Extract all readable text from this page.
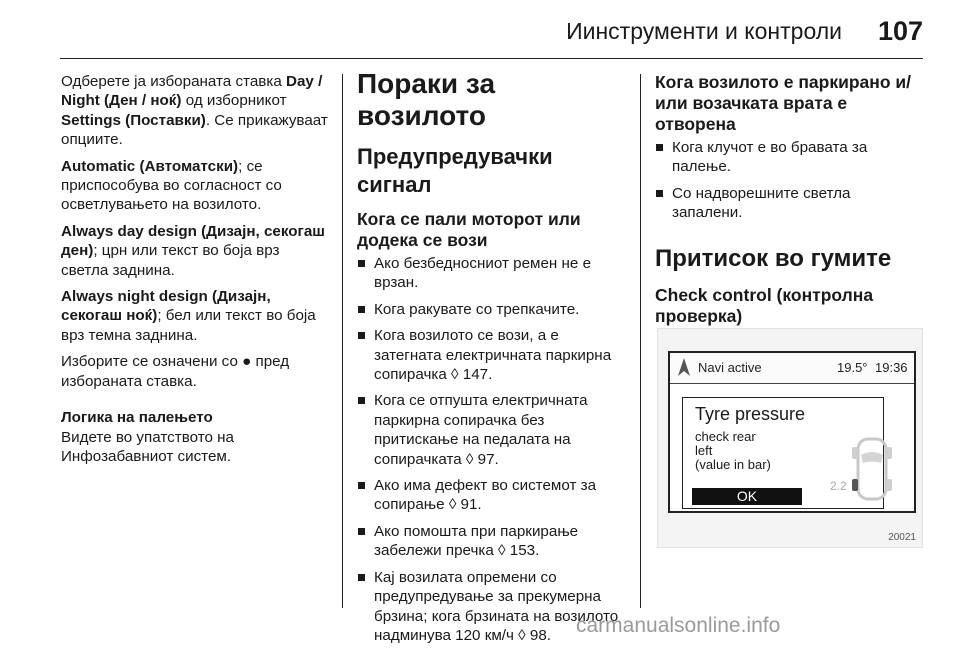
Иинструменти и контроли 107

Одберете ја избораната ставка Day / Night (Ден / ноќ) од изборникот Settings (Поставки). Се прикажуваат опциите.

Automatic (Автоматски); се приспособува во согласност со осветлувањето на возилото.

Always day design (Дизајн, секогаш ден); црн или текст во боја врз светла заднина.

Always night design (Дизајн, секогаш ноќ); бел или текст во боја врз темна заднина.

Изборите се означени со ● пред избораната ставка.

Логика на палењето
Видете во упатството на Инфозабавниот систем.
Пораки за возилото
Предупредувачки сигнал
Кога се пали моторот или додека се вози
Ако безбедносниот ремен не е врзан.
Кога ракувате со трепкачите.
Кога возилото се вози, а е затегната електричната паркирна сопирачка ◊ 147.
Кога се отпушта електричната паркирна сопирачка без притискање на педалата на сопирачката ◊ 97.
Ако има дефект во системот за сопирање ◊ 91.
Ако помошта при паркирање забележи пречка ◊ 153.
Кај возилата опремени со предупредување за прекумерна брзина; кога брзината на возилото надминува 120 км/ч ◊ 98.
Кога возилото е паркирано и/или возачката врата е отворена
Кога клучот е во бравата за палење.
Со надворешните светла запалени.
Притисок во гумите
Check control (контролна проверка)
Navi active	19.5° 19:36
Tyre pressure
check rear
left
(value in bar)
OK
2.2
20021
carmanualsonline.info
